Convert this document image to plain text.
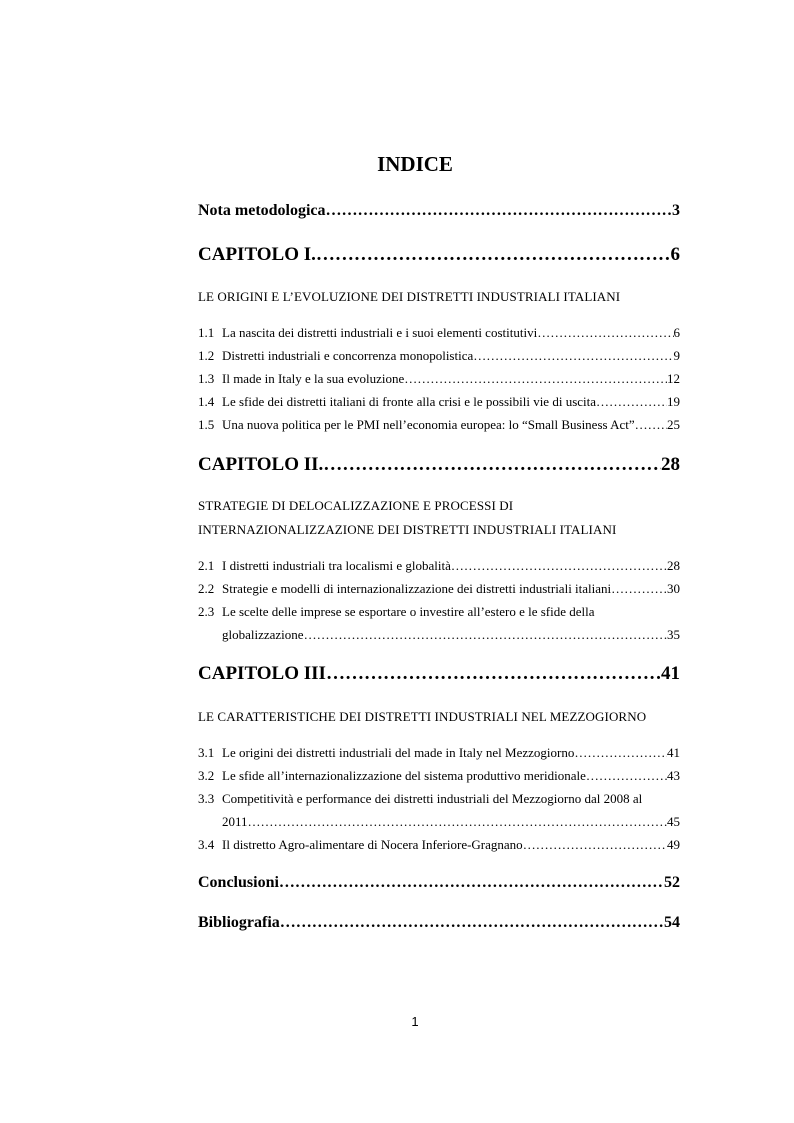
INDICE
Nota metodologica ………………………………………………………………………………………………………………………………………………	3
CAPITOLO I. ………………………………………………………………………………………………………………………………………………	6
LE ORIGINI E L’EVOLUZIONE DEI DISTRETTI INDUSTRIALI ITALIANI
1.1 La nascita dei distretti industriali e i suoi elementi costitutivi ………………………………………………………………………………………………………………………………………………	6
1.2 Distretti industriali e concorrenza monopolistica ………………………………………………………………………………………………………………………………………………	9
1.3 Il made in Italy e la sua evoluzione ………………………………………………………………………………………………………………………………………………	12
1.4 Le sfide dei distretti italiani di fronte alla crisi e le possibili vie di uscita ………………………………………………………………………………………………………………………………………………	19
1.5 Una nuova politica per le PMI nell’economia europea: lo “Small Business Act” ……………………………………………………………………………………………………………………………………………… 25
CAPITOLO II. ………………………………………………………………………………………………………………………………………………	28
STRATEGIE DI DELOCALIZZAZIONE E PROCESSI DI
INTERNAZIONALIZZAZIONE DEI DISTRETTI INDUSTRIALI ITALIANI
2.1 I distretti industriali tra localismi e globalità ………………………………………………………………………………………………………………………………………………	28
2.2 Strategie e modelli di internazionalizzazione dei distretti industriali italiani ………………………………………………………………………………………………………………………………………………	30
2.3 Le scelte delle imprese se esportare o investire all’estero e le sfide della
globalizzazione ………………………………………………………………………………………………………………………………………………	35
CAPITOLO III ………………………………………………………………………………………………………………………………………………	41
LE CARATTERISTICHE DEI DISTRETTI INDUSTRIALI NEL MEZZOGIORNO
3.1 Le origini dei distretti industriali del made in Italy nel Mezzogiorno ………………………………………………………………………………………………………………………………………………	41
3.2 Le sfide all’internazionalizzazione del sistema produttivo meridionale ………………………………………………………………………………………………………………………………………………	43
3.3 Competitività e performance dei distretti industriali del Mezzogiorno dal 2008 al
2011 ………………………………………………………………………………………………………………………………………………	45
3.4 Il distretto Agro-alimentare di Nocera Inferiore-Gragnano ………………………………………………………………………………………………………………………………………………	49
Conclusioni ………………………………………………………………………………………………………………………………………………	52
Bibliografia ………………………………………………………………………………………………………………………………………………	54
1
